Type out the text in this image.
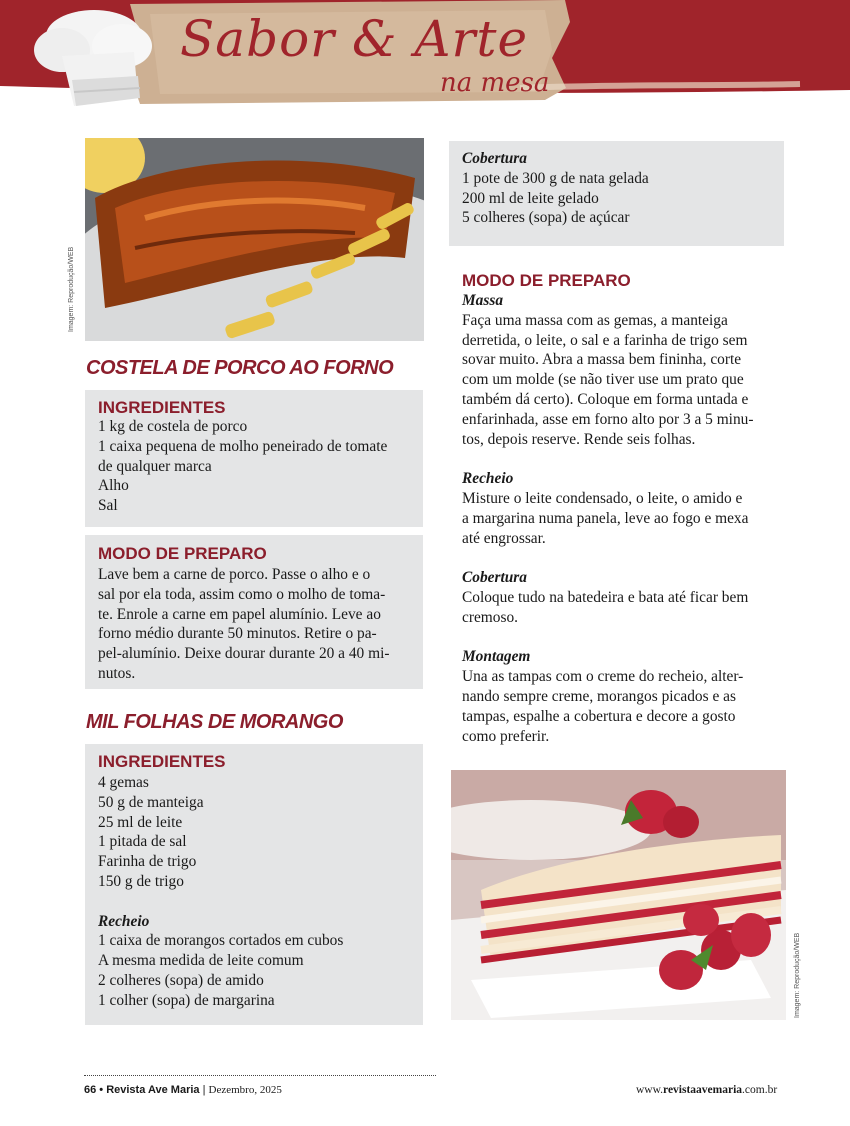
Sabor & Arte
na mesa
Imagem: Reprodução/WEB
COSTELA DE PORCO AO FORNO
INGREDIENTES
1 kg de costela de porco
1 caixa pequena de molho peneirado de tomate
de qualquer marca
Alho
Sal
MODO DE PREPARO
Lave bem a carne de porco. Passe o alho e o
sal por ela toda, assim como o molho de toma-
te. Enrole a carne em papel alumínio. Leve ao
forno médio durante 50 minutos. Retire o pa-
pel-alumínio. Deixe dourar durante 20 a 40 mi-
nutos.
MIL FOLHAS DE MORANGO
INGREDIENTES
4 gemas
50 g de manteiga
25 ml de leite
1 pitada de sal
Farinha de trigo
150 g de trigo
Recheio
1 caixa de morangos cortados em cubos
A mesma medida de leite comum
2 colheres (sopa) de amido
1 colher (sopa) de margarina
Cobertura
1 pote de 300 g de nata gelada
200 ml de leite gelado
5 colheres (sopa) de açúcar
MODO DE PREPARO
Massa
Faça uma massa com as gemas, a manteiga
derretida, o leite, o sal e a farinha de trigo sem
sovar muito. Abra a massa bem fininha, corte
com um molde (se não tiver use um prato que
também dá certo). Coloque em forma untada e
enfarinhada, asse em forno alto por 3 a 5 minu-
tos, depois reserve. Rende seis folhas.
Recheio
Misture o leite condensado, o leite, o amido e
a margarina numa panela, leve ao fogo e mexa
até engrossar.
Cobertura
Coloque tudo na batedeira e bata até ficar bem
cremoso.
Montagem
Una as tampas com o creme do recheio, alter-
nando sempre creme, morangos picados e as
tampas, espalhe a cobertura e decore a gosto
como preferir.
Imagem: Reprodução/WEB
66 • Revista Ave Maria | Dezembro, 2025	www.revistaavemaria.com.br
